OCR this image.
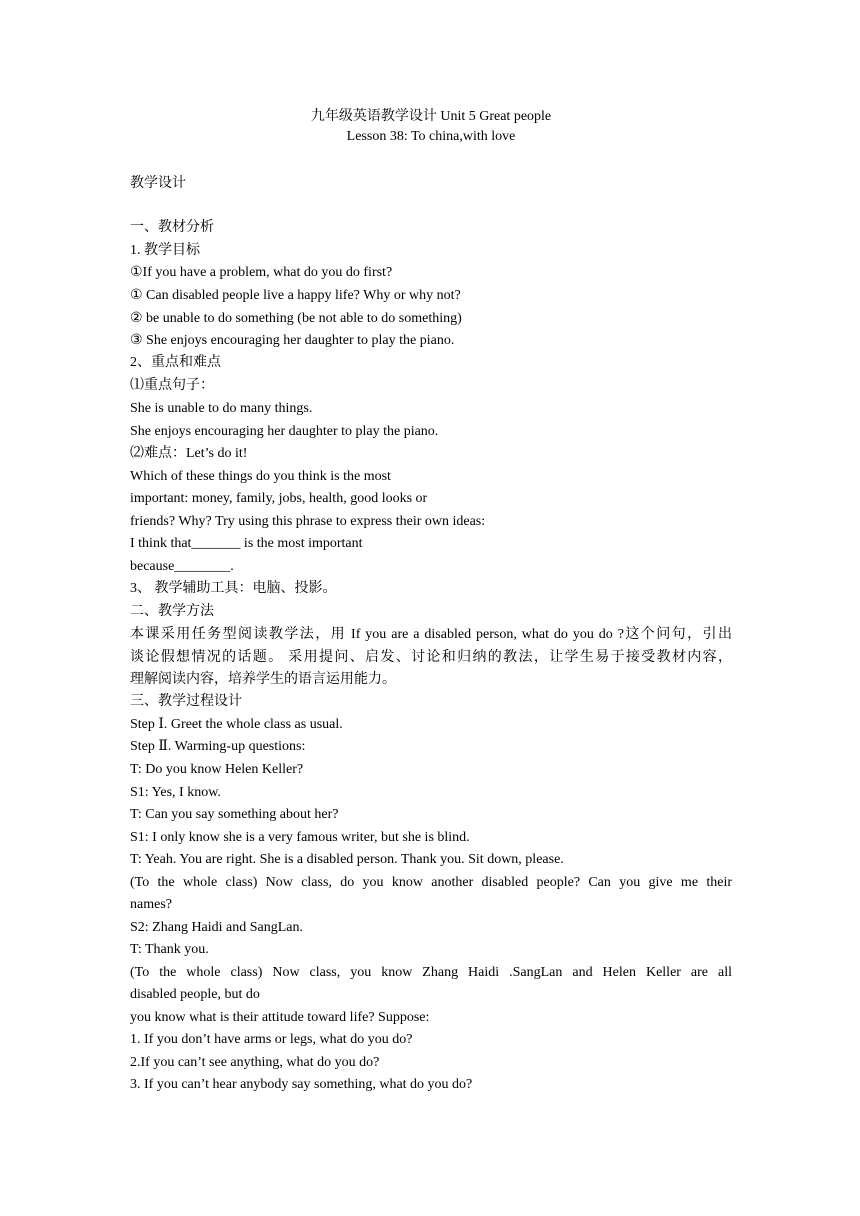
九年级英语教学设计 Unit 5 Great people
Lesson 38: To china,with love
教学设计
一、教材分析
1. 教学目标
①If you have a problem, what do you do first?
① Can disabled people live a happy life? Why or why not?
② be unable to do something (be not able to do something)
③ She enjoys encouraging her daughter to play the piano.
2、重点和难点
⑴重点句子：
She is unable to do many things.
She enjoys encouraging her daughter to play the piano.
⑵难点：Let’s do it!
Which of these things do you think is the most
important: money, family, jobs, health, good looks or
friends? Why? Try using this phrase to express their own ideas:
I think that_______ is the most important
because________.
3、 教学辅助工具：电脑、投影。
二、教学方法
本课采用任务型阅读教学法，用 If you are a disabled person, what do you do ?这个问句，引出
谈论假想情况的话题。 采用提问、启发、讨论和归纳的教法，让学生易于接受教材内容，
理解阅读内容，培养学生的语言运用能力。
三、教学过程设计
Step Ⅰ. Greet the whole class as usual.
Step Ⅱ. Warming-up questions:
T: Do you know Helen Keller?
S1: Yes, I know.
T: Can you say something about her?
S1: I only know she is a very famous writer, but she is blind.
T: Yeah. You are right. She is a disabled person. Thank you. Sit down, please.
(To the whole class) Now class, do you know another disabled people? Can you give me their
names?
S2: Zhang Haidi and SangLan.
T: Thank you.
(To the whole class) Now class, you know Zhang Haidi .SangLan and Helen Keller are all
disabled people, but do
you know what is their attitude toward life? Suppose:
1. If you don’t have arms or legs, what do you do?
2.If you can’t see anything, what do you do?
3. If you can’t hear anybody say something, what do you do?
